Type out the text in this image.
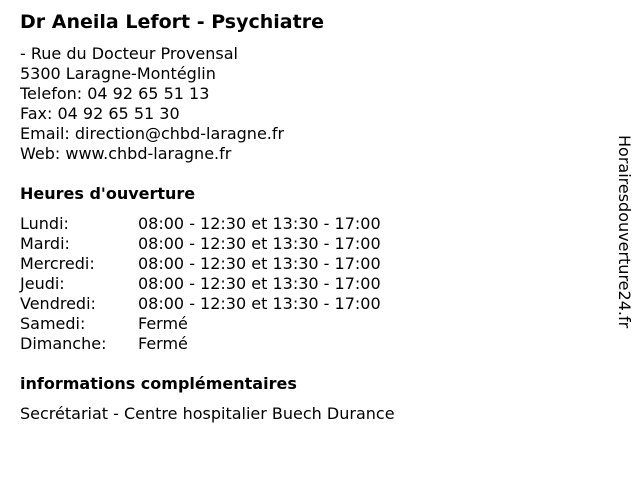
Dr Aneila Lefort - Psychiatre
- Rue du Docteur Provensal
5300 Laragne-Montéglin
Telefon: 04 92 65 51 13
Fax: 04 92 65 51 30
Email: direction@chbd-laragne.fr
Web: www.chbd-laragne.fr
Heures d'ouverture
Lundi:	08:00 - 12:30 et 13:30 - 17:00
Mardi:	08:00 - 12:30 et 13:30 - 17:00
Mercredi:	08:00 - 12:30 et 13:30 - 17:00
Jeudi:	08:00 - 12:30 et 13:30 - 17:00
Vendredi:	08:00 - 12:30 et 13:30 - 17:00
Samedi:	Fermé
Dimanche: Fermé
informations complémentaires
Secrétariat - Centre hospitalier Buech Durance
Horairesdouverture24.fr
